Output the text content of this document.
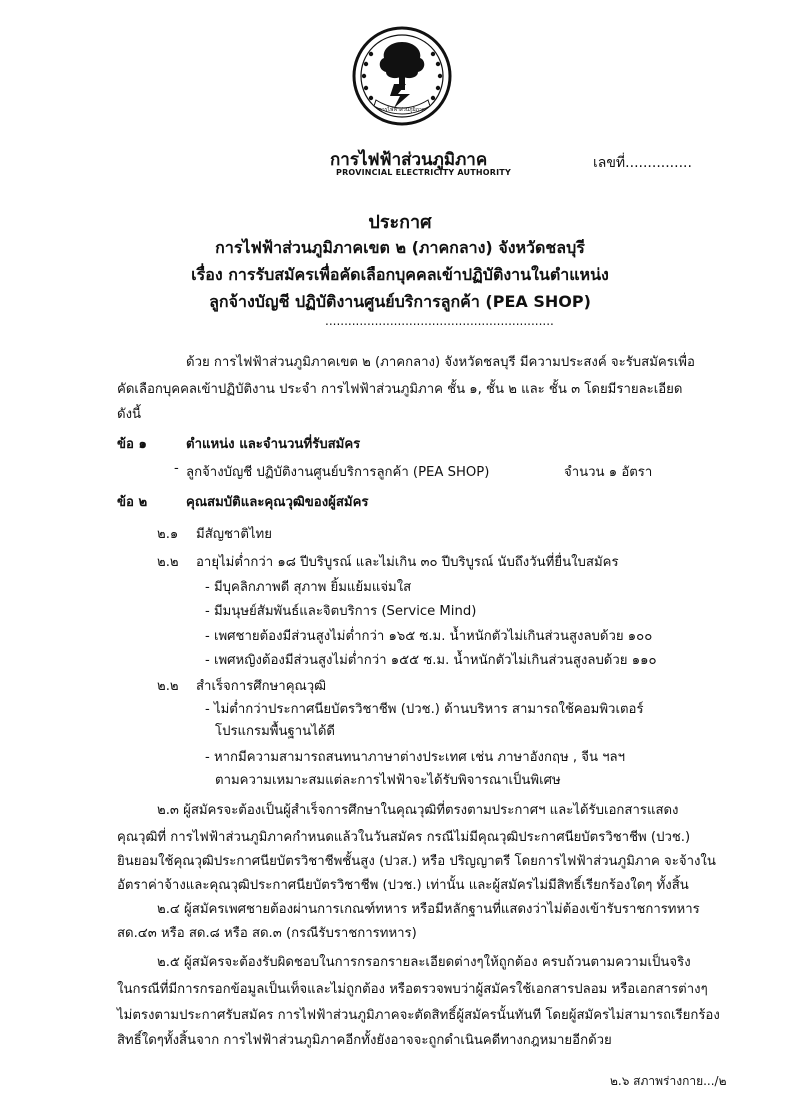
การไฟฟ้าส่วนภูมิภาค
การไฟฟ้าส่วนภูมิภาค
PROVINCIAL ELECTRICITY AUTHORITY
เลขที่...............
ประกาศ
การไฟฟ้าส่วนภูมิภาคเขต ๒ (ภาคกลาง) จังหวัดชลบุรี
เรื่อง การรับสมัครเพื่อคัดเลือกบุคคลเข้าปฏิบัติงานในตำแหน่ง
ลูกจ้างบัญชี ปฏิบัติงานศูนย์บริการลูกค้า (PEA SHOP)
............................................................
ด้วย การไฟฟ้าส่วนภูมิภาคเขต ๒ (ภาคกลาง) จังหวัดชลบุรี มีความประสงค์ จะรับสมัครเพื่อ
คัดเลือกบุคคลเข้าปฏิบัติงาน ประจำ การไฟฟ้าส่วนภูมิภาค ชั้น ๑, ชั้น ๒ และ ชั้น ๓ โดยมีรายละเอียด
ดังนี้
ข้อ ๑	ตำแหน่ง และจำนวนที่รับสมัคร
- ลูกจ้างบัญชี ปฏิบัติงานศูนย์บริการลูกค้า (PEA SHOP)	จำนวน ๑ อัตรา
ข้อ ๒	คุณสมบัติและคุณวุฒิของผู้สมัคร
๒.๑ มีสัญชาติไทย
๒.๒ อายุไม่ต่ำกว่า ๑๘ ปีบริบูรณ์ และไม่เกิน ๓๐ ปีบริบูรณ์ นับถึงวันที่ยื่นใบสมัคร
- มีบุคลิกภาพดี สุภาพ ยิ้มแย้มแจ่มใส
- มีมนุษย์สัมพันธ์และจิตบริการ (Service Mind)
- เพศชายต้องมีส่วนสูงไม่ต่ำกว่า ๑๖๕ ซ.ม. น้ำหนักตัวไม่เกินส่วนสูงลบด้วย ๑๐๐
- เพศหญิงต้องมีส่วนสูงไม่ต่ำกว่า ๑๕๕ ซ.ม. น้ำหนักตัวไม่เกินส่วนสูงลบด้วย ๑๑๐
๒.๒ สำเร็จการศึกษาคุณวุฒิ
- ไม่ต่ำกว่าประกาศนียบัตรวิชาชีพ (ปวช.) ด้านบริหาร สามารถใช้คอมพิวเตอร์
โปรแกรมพื้นฐานได้ดี
- หากมีความสามารถสนทนาภาษาต่างประเทศ เช่น ภาษาอังกฤษ , จีน ฯลฯ
ตามความเหมาะสมแต่ละการไฟฟ้าจะได้รับพิจารณาเป็นพิเศษ
๒.๓ ผู้สมัครจะต้องเป็นผู้สำเร็จการศึกษาในคุณวุฒิที่ตรงตามประกาศฯ และได้รับเอกสารแสดง
คุณวุฒิที่ การไฟฟ้าส่วนภูมิภาคกำหนดแล้วในวันสมัคร กรณีไม่มีคุณวุฒิประกาศนียบัตรวิชาชีพ (ปวช.)
ยินยอมใช้คุณวุฒิประกาศนียบัตรวิชาชีพชั้นสูง (ปวส.) หรือ ปริญญาตรี โดยการไฟฟ้าส่วนภูมิภาค จะจ้างใน
อัตราค่าจ้างและคุณวุฒิประกาศนียบัตรวิชาชีพ (ปวช.) เท่านั้น และผู้สมัครไม่มีสิทธิ์เรียกร้องใดๆ ทั้งสิ้น
๒.๔ ผู้สมัครเพศชายต้องผ่านการเกณฑ์ทหาร หรือมีหลักฐานที่แสดงว่าไม่ต้องเข้ารับราชการทหาร
สด.๔๓ หรือ สด.๘ หรือ สด.๓ (กรณีรับราชการทหาร)
๒.๕ ผู้สมัครจะต้องรับผิดชอบในการกรอกรายละเอียดต่างๆให้ถูกต้อง ครบถ้วนตามความเป็นจริง
ในกรณีที่มีการกรอกข้อมูลเป็นเท็จและไม่ถูกต้อง หรือตรวจพบว่าผู้สมัครใช้เอกสารปลอม หรือเอกสารต่างๆ
ไม่ตรงตามประกาศรับสมัคร การไฟฟ้าส่วนภูมิภาคจะตัดสิทธิ์ผู้สมัครนั้นทันที โดยผู้สมัครไม่สามารถเรียกร้อง
สิทธิ์ใดๆทั้งสิ้นจาก การไฟฟ้าส่วนภูมิภาคอีกทั้งยังอาจจะถูกดำเนินคดีทางกฎหมายอีกด้วย
๒.๖ สภาพร่างกาย.../๒
